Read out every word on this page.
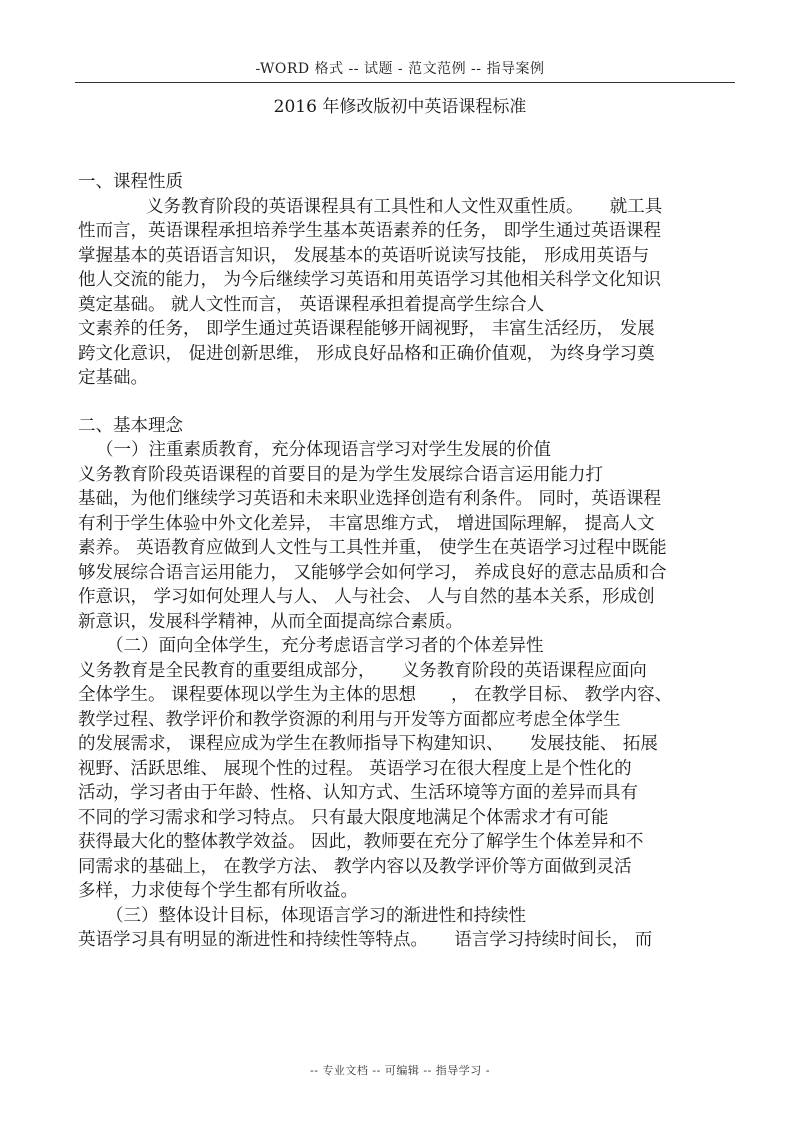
-WORD 格式 -- 试题 - 范文范例 -- 指导案例
2016 年修改版初中英语课程标准
一、课程性质
义务教育阶段的英语课程具有工具性和人文性双重性质。　　就工具
性而言，英语课程承担培养学生基本英语素养的任务， 即学生通过英语课程
掌握基本的英语语言知识， 发展基本的英语听说读写技能， 形成用英语与
他人交流的能力， 为今后继续学习英语和用英语学习其他相关科学文化知识
奠定基础。 就人文性而言， 英语课程承担着提高学生综合人
文素养的任务， 即学生通过英语课程能够开阔视野， 丰富生活经历， 发展
跨文化意识， 促进创新思维， 形成良好品格和正确价值观， 为终身学习奠
定基础。
二、基本理念
（一）注重素质教育，充分体现语言学习对学生发展的价值
义务教育阶段英语课程的首要目的是为学生发展综合语言运用能力打
基础，为他们继续学习英语和未来职业选择创造有利条件。 同时，英语课程
有利于学生体验中外文化差异， 丰富思维方式， 增进国际理解， 提高人文
素养。 英语教育应做到人文性与工具性并重， 使学生在英语学习过程中既能
够发展综合语言运用能力， 又能够学会如何学习， 养成良好的意志品质和合
作意识， 学习如何处理人与人、 人与社会、 人与自然的基本关系，形成创
新意识，发展科学精神，从而全面提高综合素质。
（二）面向全体学生，充分考虑语言学习者的个体差异性
义务教育是全民教育的重要组成部分，　　义务教育阶段的英语课程应面向
全体学生。 课程要体现以学生为主体的思想　　， 在教学目标、 教学内容、
教学过程、教学评价和教学资源的利用与开发等方面都应考虑全体学生
的发展需求， 课程应成为学生在教师指导下构建知识、　　发展技能、 拓展
视野、活跃思维、 展现个性的过程。 英语学习在很大程度上是个性化的
活动，学习者由于年龄、性格、认知方式、生活环境等方面的差异而具有
不同的学习需求和学习特点。 只有最大限度地满足个体需求才有可能
获得最大化的整体教学效益。 因此，教师要在充分了解学生个体差异和不
同需求的基础上， 在教学方法、 教学内容以及教学评价等方面做到灵活
多样，力求使每个学生都有所收益。
（三）整体设计目标，体现语言学习的渐进性和持续性
英语学习具有明显的渐进性和持续性等特点。　　语言学习持续时间长， 而
-- 专业文档 -- 可编辑 -- 指导学习 -
